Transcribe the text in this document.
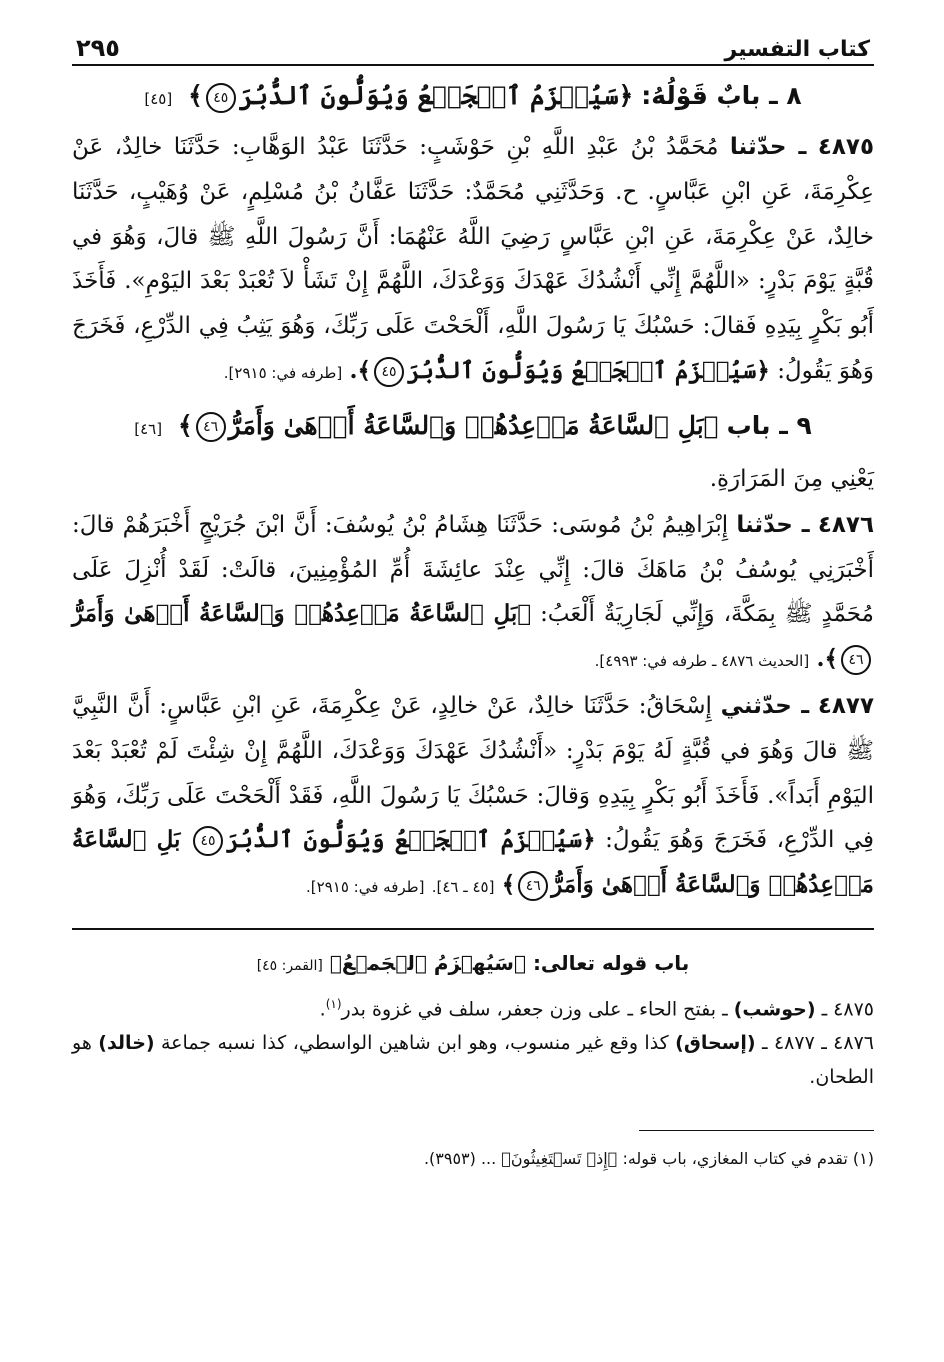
كتاب التفسير
٢٩٥
٨ ـ بابٌ قَوْلُهُ: ﴿سَيُهۡزَمُ ٱلۡجَمۡعُ وَيُوَلُّونَ ٱلدُّبُرَ٤٥﴾ [٤٥]

٤٨٧٥ ـ حدّثنا مُحَمَّدُ بْنُ عَبْدِ اللَّهِ بْنِ حَوْشَبٍ: حَدَّثَنَا عَبْدُ الوَهَّابِ: حَدَّثَنَا خالِدٌ، عَنْ عِكْرِمَةَ، عَنِ ابْنِ عَبَّاسٍ. ح. وَحَدَّثَنِي مُحَمَّدٌ: حَدَّثَنَا عَفَّانُ بْنُ مُسْلِمٍ، عَنْ وُهَيْبٍ، حَدَّثَنَا خالِدٌ، عَنْ عِكْرِمَةَ، عَنِ ابْنِ عَبَّاسٍ رَضِيَ اللَّهُ عَنْهُمَا: أَنَّ رَسُولَ اللَّهِ ﷺ قالَ، وَهُوَ في قُبَّةٍ يَوْمَ بَدْرٍ: «اللَّهُمَّ إِنِّي أَنْشُدُكَ عَهْدَكَ وَوَعْدَكَ، اللَّهُمَّ إِنْ تَشَأْ لاَ تُعْبَدْ بَعْدَ اليَوْمِ». فَأَخَذَ أَبُو بَكْرٍ بِيَدِهِ فَقالَ: حَسْبُكَ يَا رَسُولَ اللَّهِ، أَلْحَحْتَ عَلَى رَبِّكَ، وَهُوَ يَثِبُ فِي الدِّرْعِ، فَخَرَجَ وَهُوَ يَقُولُ: ﴿سَيُهۡزَمُ ٱلۡجَمۡعُ وَيُوَلُّونَ ٱلدُّبُرَ٤٥﴾. [طرفه في: ٢٩١٥].

٩ ـ باب ﴿بَلِ ٱلسَّاعَةُ مَوۡعِدُهُمۡ وَٱلسَّاعَةُ أَدۡهَىٰ وَأَمَرُّ٤٦﴾ [٤٦]

يَعْنِي مِنَ المَرَارَةِ.

٤٨٧٦ ـ حدّثنا إِبْرَاهِيمُ بْنُ مُوسَى: حَدَّثَنَا هِشَامُ بْنُ يُوسُفَ: أَنَّ ابْنَ جُرَيْجٍ أَخْبَرَهُمْ قالَ: أَخْبَرَنِي يُوسُفُ بْنُ مَاهَكَ قالَ: إِنِّي عِنْدَ عائِشَةَ أُمِّ المُؤْمِنِينَ، قالَتْ: لَقَدْ أُنْزِلَ عَلَى مُحَمَّدٍ ﷺ بِمَكَّةَ، وَإِنِّي لَجَارِيَةٌ أَلْعَبُ: ﴿بَلِ ٱلسَّاعَةُ مَوۡعِدُهُمۡ وَٱلسَّاعَةُ أَدۡهَىٰ وَأَمَرُّ٤٦﴾. [الحديث ٤٨٧٦ ـ طرفه في: ٤٩٩٣].

٤٨٧٧ ـ حدّثني إِسْحَاقُ: حَدَّثَنَا خالِدٌ، عَنْ خالِدٍ، عَنْ عِكْرِمَةَ، عَنِ ابْنِ عَبَّاسٍ: أَنَّ النَّبِيَّ ﷺ قالَ وَهُوَ في قُبَّةٍ لَهُ يَوْمَ بَدْرٍ: «أَنْشُدُكَ عَهْدَكَ وَوَعْدَكَ، اللَّهُمَّ إِنْ شِئْتَ لَمْ تُعْبَدْ بَعْدَ اليَوْمِ أَبَداً». فَأَخَذَ أَبُو بَكْرٍ بِيَدِهِ وَقالَ: حَسْبُكَ يَا رَسُولَ اللَّهِ، فَقَدْ أَلْحَحْتَ عَلَى رَبِّكَ، وَهُوَ فِي الدِّرْعِ، فَخَرَجَ وَهُوَ يَقُولُ: ﴿سَيُهۡزَمُ ٱلۡجَمۡعُ وَيُوَلُّونَ ٱلدُّبُرَ٤٥ بَلِ ٱلسَّاعَةُ مَوۡعِدُهُمۡ وَٱلسَّاعَةُ أَدۡهَىٰ وَأَمَرُّ٤٦﴾ [٤٥ ـ ٤٦]. [طرفه في: ٢٩١٥].

باب قوله تعالى: ﴿سَيُهۡزَمُ ٱلۡجَمۡعُ﴾ [القمر: ٤٥]

٤٨٧٥ ـ (حوشب) ـ بفتح الحاء ـ على وزن جعفر، سلف في غزوة بدر$^{(١)}$.

٤٨٧٦ ـ ٤٨٧٧ ـ (إسحاق) كذا وقع غير منسوب، وهو ابن شاهين الواسطي، كذا نسبه جماعة (خالد) هو الطحان.

(١) تقدم في كتاب المغازي، باب قوله: ﴿إِذۡ تَسۡتَغِيثُونَ﴾ ... (٣٩٥٣).
